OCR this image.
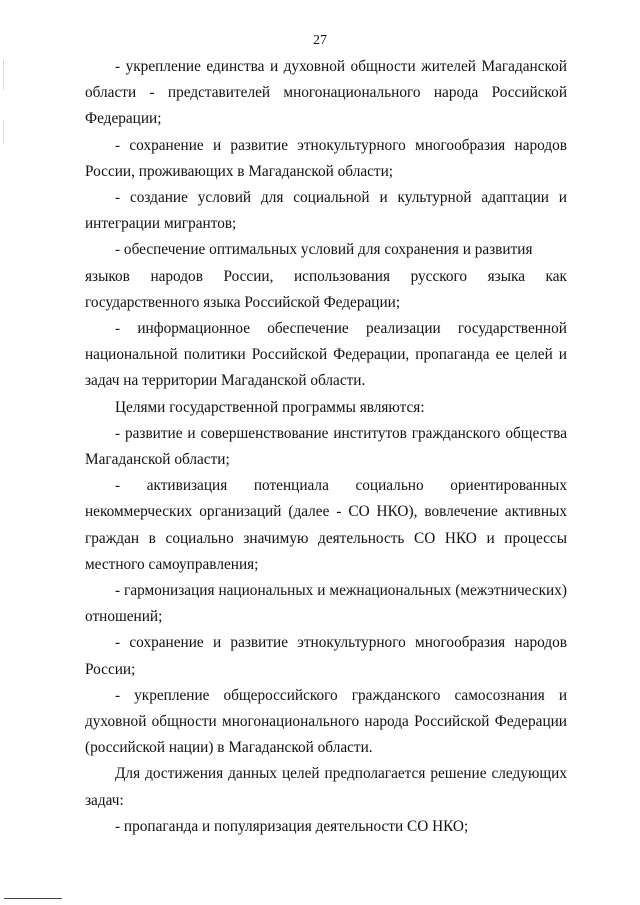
27

- укрепление единства и духовной общности жителей Магаданской области - представителей многонационального народа Российской Федерации;

- сохранение и развитие этнокультурного многообразия народов России, проживающих в Магаданской области;

- создание условий для социальной и культурной адаптации и интеграции мигрантов;

- обеспечение оптимальных условий для сохранения и развития

языков народов России, использования русского языка как

государственного языка Российской Федерации;

- информационное обеспечение реализации государственной

национальной политики Российской Федерации, пропаганда ее целей и задач на территории Магаданской области.

Целями государственной программы являются:

- развитие и совершенствование институтов гражданского общества Магаданской области;

- активизация потенциала социально ориентированных

некоммерческих организаций (далее - СО НКО), вовлечение активных граждан в социально значимую деятельность СО НКО и процессы местного самоуправления;

- гармонизация национальных и межнациональных (межэтнических) отношений;

- сохранение и развитие этнокультурного многообразия народов России;

- укрепление общероссийского гражданского самосознания и духовной общности многонационального народа Российской Федерации (российской нации) в Магаданской области.

Для достижения данных целей предполагается решение следующих задач:

- пропаганда и популяризация деятельности СО НКО;
